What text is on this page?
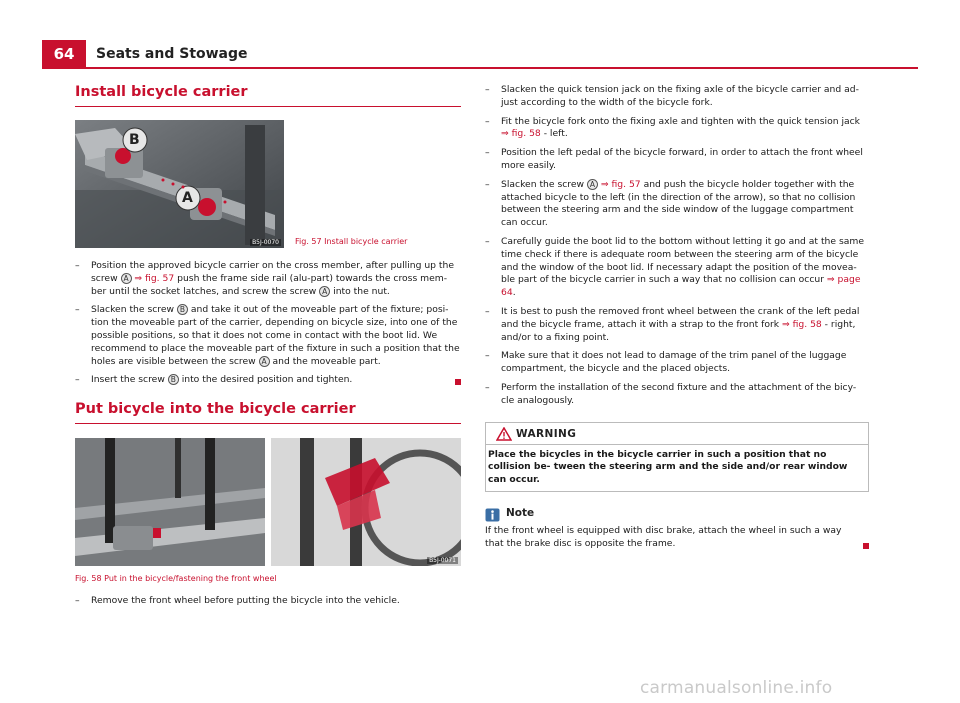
64	Seats and Stowage
Install bicycle carrier
B
A
B5J-0070 Fig. 57 Install bicycle carrier
– Position the approved bicycle carrier on the cross member, after pulling up the screw A ⇒ fig. 57 push the frame side rail (alu-part) towards the cross mem- ber until the socket latches, and screw the screw A into the nut.
– Slacken the screw B and take it out of the moveable part of the fixture; posi- tion the moveable part of the carrier, depending on bicycle size, into one of the possible positions, so that it does not come in contact with the boot lid. We recommend to place the moveable part of the fixture in such a position that the holes are visible between the screw A and the moveable part.
– Insert the screw B into the desired position and tighten.
Put bicycle into the bicycle carrier
B5J-0071
Fig. 58 Put in the bicycle/fastening the front wheel
– Remove the front wheel before putting the bicycle into the vehicle.
– Slacken the quick tension jack on the fixing axle of the bicycle carrier and ad- just according to the width of the bicycle fork.
– Fit the bicycle fork onto the fixing axle and tighten with the quick tension jack ⇒ fig. 58 - left.
– Position the left pedal of the bicycle forward, in order to attach the front wheel more easily.
– Slacken the screw A ⇒ fig. 57 and push the bicycle holder together with the attached bicycle to the left (in the direction of the arrow), so that no collision between the steering arm and the side window of the luggage compartment can occur.
– Carefully guide the boot lid to the bottom without letting it go and at the same time check if there is adequate room between the steering arm of the bicycle and the window of the boot lid. If necessary adapt the position of the movea- ble part of the bicycle carrier in such a way that no collision can occur ⇒ page 64.
– It is best to push the removed front wheel between the crank of the left pedal and the bicycle frame, attach it with a strap to the front fork ⇒ fig. 58 - right, and/or to a fixing point.
– Make sure that it does not lead to damage of the trim panel of the luggage compartment, the bicycle and the placed objects.
– Perform the installation of the second fixture and the attachment of the bicy- cle analogously.
WARNING
Place the bicycles in the bicycle carrier in such a position that no collision be- tween the steering arm and the side and/or rear window can occur.
Note
If the front wheel is equipped with disc brake, attach the wheel in such a way that the brake disc is opposite the frame.
carmanualsonline.info
